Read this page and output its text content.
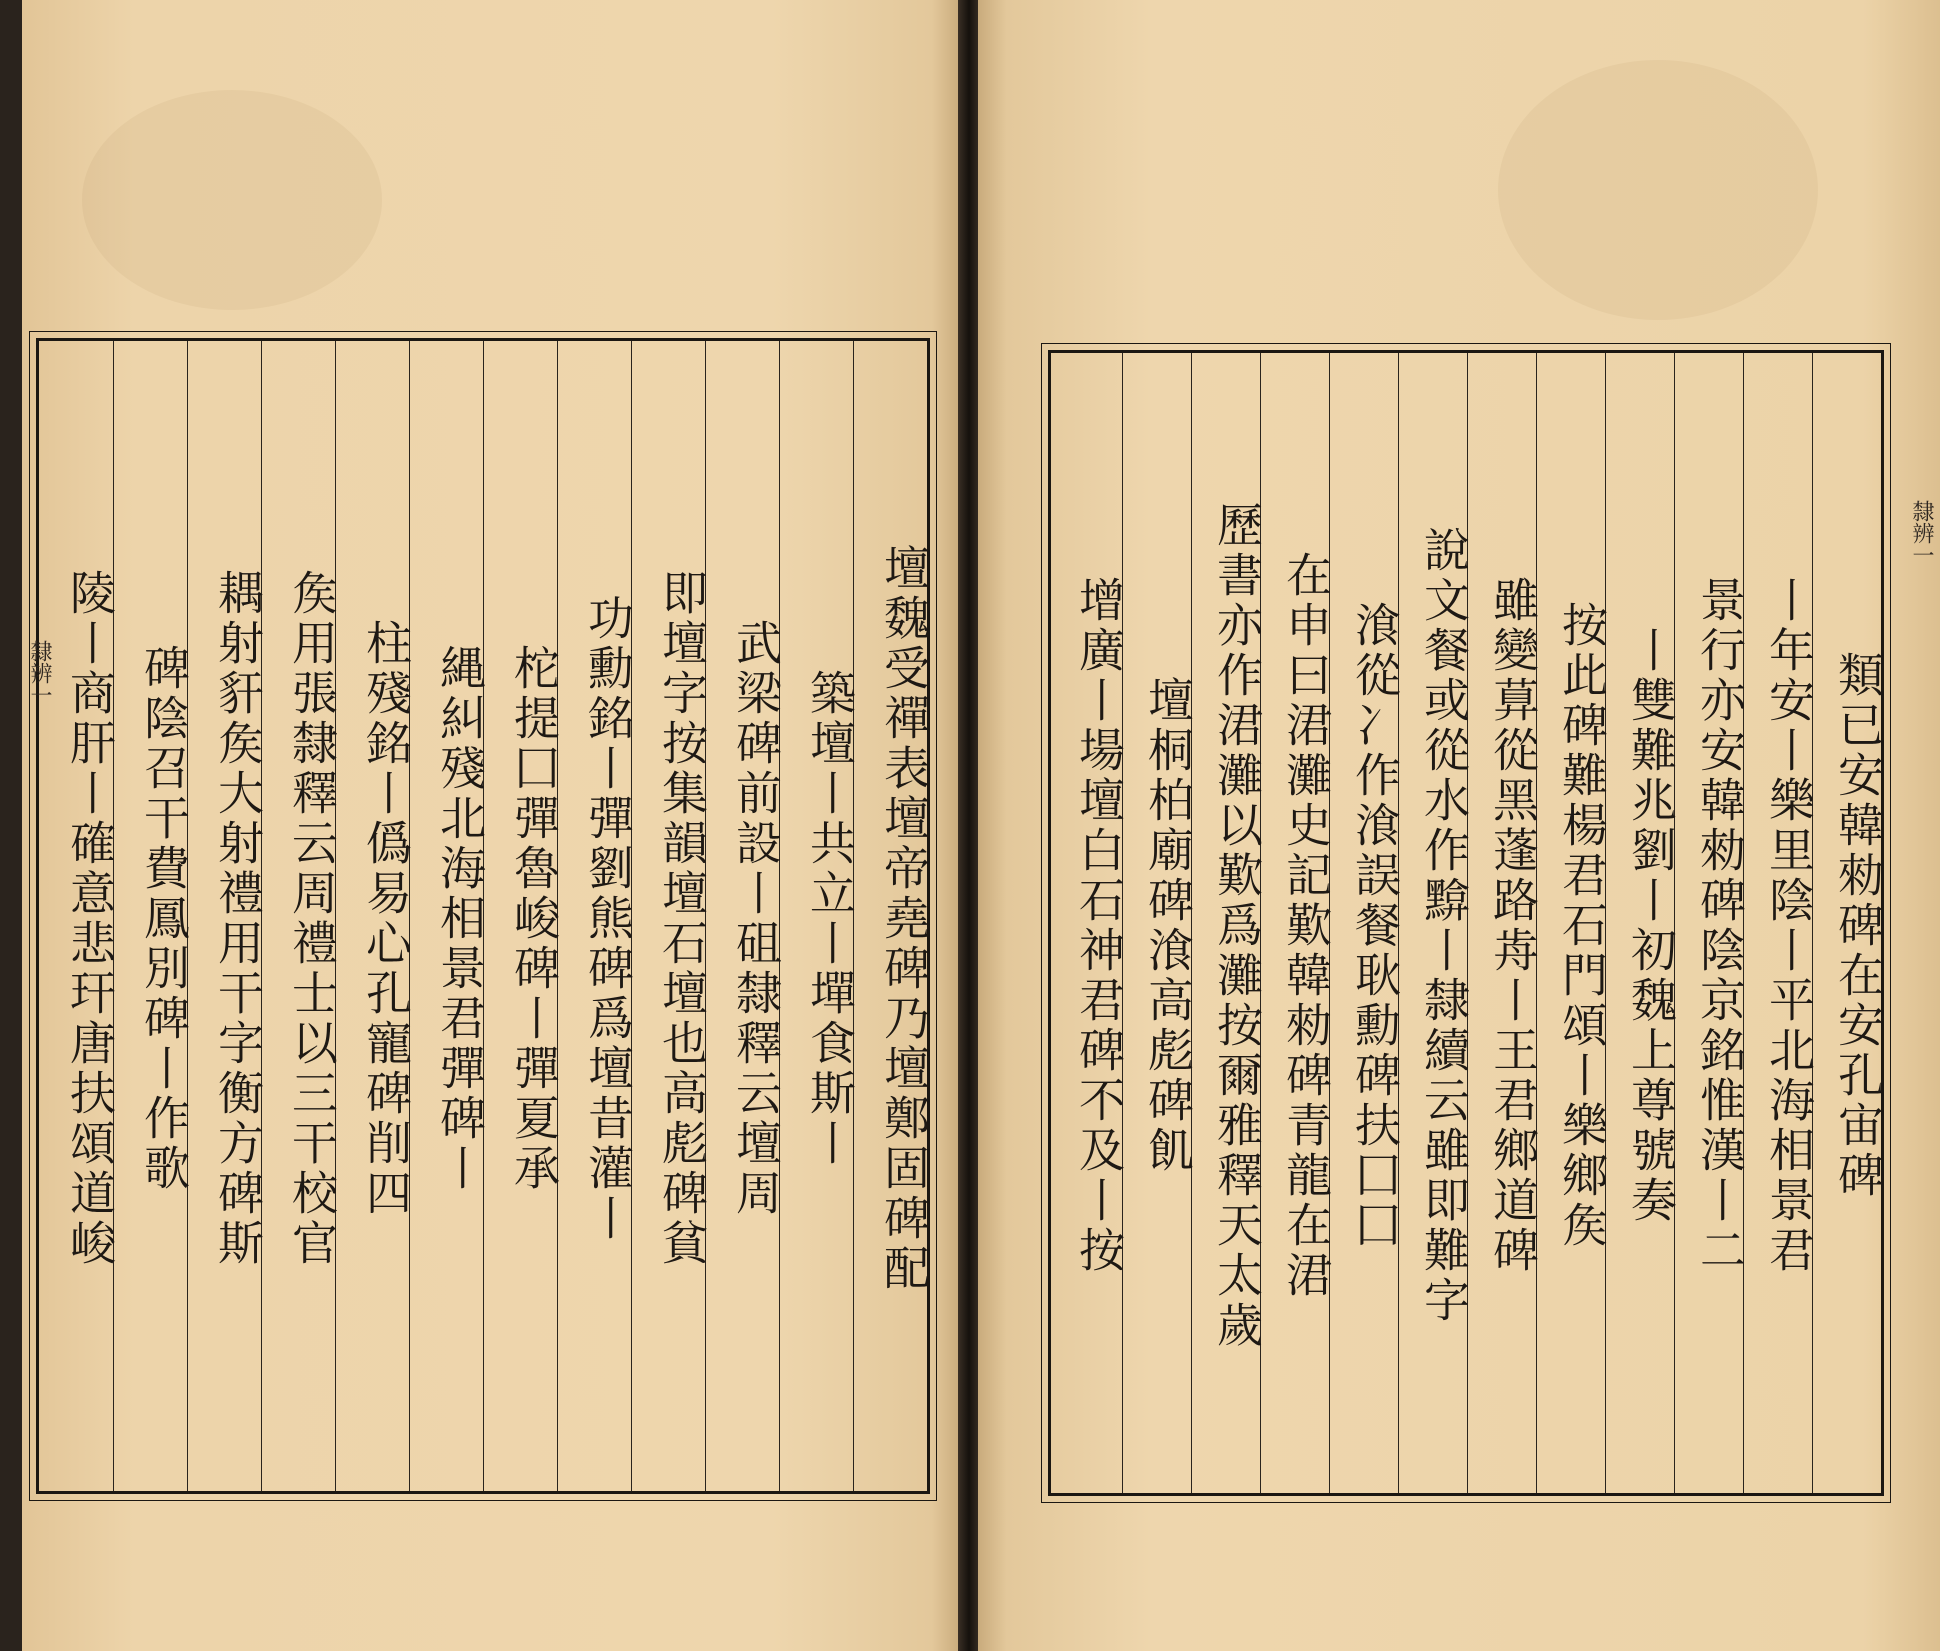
壇魏受禪表壇帝堯碑乃壇鄭固碑配
築壇丨共立丨墠食斯丨
武梁碑前設丨砠隸釋云壇周
即壇字按集韻壇石壇也高彪碑貧
功勳銘丨彈劉熊碑爲壇昔灌丨
柁提囗彈魯峻碑丨彈夏承
縄糾殘北海相景君彈碑丨
柱殘銘丨僞易心孔寵碑削四
矦用張隸釋云周禮士以三干校官
耦射豻矦大射禮用干字衡方碑斯
碑陰召干費鳳別碑丨作歌
陵丨商肝丨確意悲玕唐扶頌道峻
隸辨一	類已安韓勑碑在安孔宙碑
丨年安丨樂里陰丨平北海相景君
景行亦安韓勑碑陰京銘惟漢丨二
丨雙難兆劉丨初魏上尊號奏
按此碑難楊君石門頌丨樂鄉矦
雖變萛從黑蓬路歬丨王君鄉道碑
說文餐或從水作黭丨隸續云雖即難字
湌從冫作湌誤餐耿勳碑扶囗囗
在申曰涒灘史記歎韓勑碑青龍在涒
歷書亦作涒灘以歎爲灘按爾雅釋天太歲
壇桐柏廟碑湌高彪碑飢
增廣丨場壇白石神君碑不及丨按
隸辨一
